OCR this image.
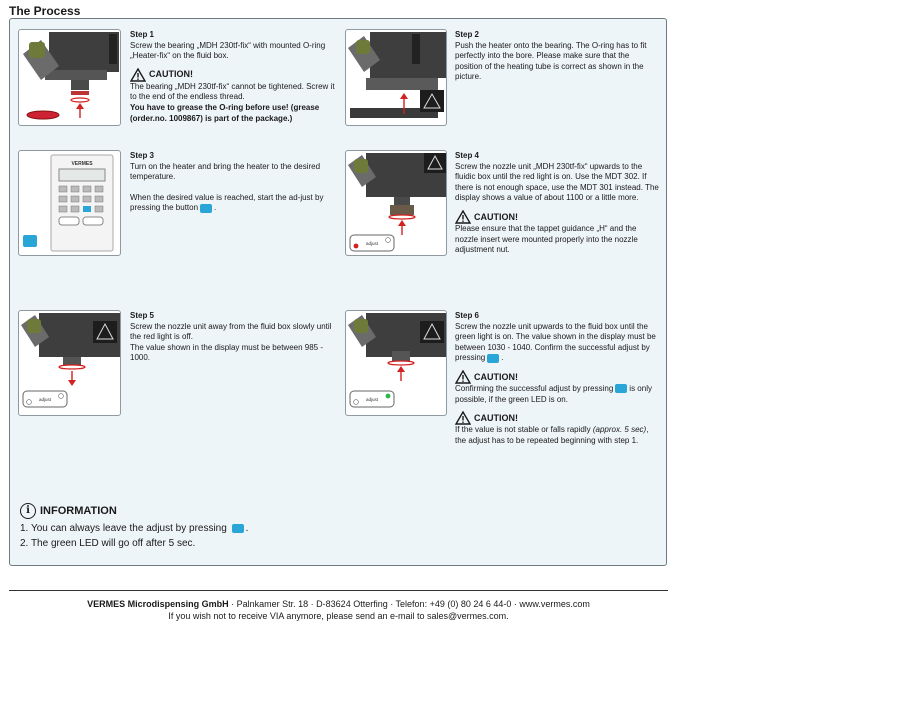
The Process
Step 1
Screw the bearing „MDH 230tf-fix“ with mounted O-ring „Heater-fix“ on the fluid box.
CAUTION!
The bearing „MDH 230tf-fix“ cannot be tightened. Screw it to the end of the endless thread.
You have to grease the O-ring before use! (grease (order.no. 1009867) is part of the package.)
Step 2
Push the heater onto the bearing. The O-ring has to fit perfectly into the bore. Please make sure that the position of the heating tube is correct as shown in the picture.
VERMES
Step 3
Turn on the heater and bring the heater to the desired temperature.
When the desired value is reached, start the ad-just by pressing the button .
adjust
Step 4
Screw the nozzle unit „MDH 230tf-fix“ upwards to the fluidic box until the red light is on. Use the MDT 302. If there is not enough space, use the MDT 301 instead. The display shows a value of about 1100 or a little more.
CAUTION!
Please ensure that the tappet guidance „H“ and the nozzle insert were mounted properly into the nozzle adjustment nut.
adjust
Step 5
Screw the nozzle unit away from the fluid box slowly until the red light is off.
The value shown in the display must be between 985 - 1000.
adjust
Step 6
Screw the nozzle unit upwards to the fluid box until the green light is on. The value shown in the display must be between 1030 - 1040. Confirm the successful adjust by pressing .
CAUTION!
Confirming the successful adjust by pressing is only possible, if the green LED is on.
CAUTION!
If the value is not stable or falls rapidly (approx. 5 sec), the adjust has to be repeated beginning with step 1.
i INFORMATION
1. You can always leave the adjust by pressing .
2. The green LED will go off after 5 sec.
VERMES Microdispensing GmbH · Palnkamer Str. 18 · D-83624 Otterfing · Telefon: +49 (0) 80 24 6 44-0 · www.vermes.com
If you wish not to receive VIA anymore, please send an e-mail to sales@vermes.com.
